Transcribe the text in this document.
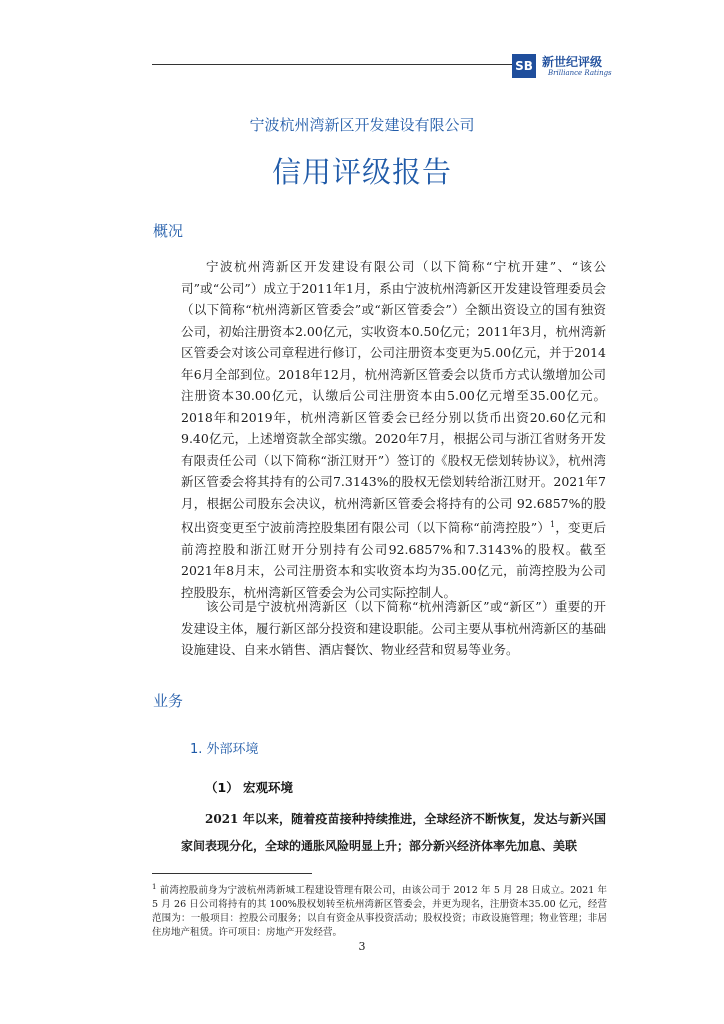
SB 新世纪评级
Brilliance Ratings
宁波杭州湾新区开发建设有限公司
信用评级报告
概况

宁波杭州湾新区开发建设有限公司（以下简称“宁杭开建”、“该公司”或“公司”）成立于2011年1月，系由宁波杭州湾新区开发建设管理委员会（以下简称“杭州湾新区管委会”或“新区管委会”）全额出资设立的国有独资公司，初始注册资本2.00亿元，实收资本0.50亿元；2011年3月，杭州湾新区管委会对该公司章程进行修订，公司注册资本变更为5.00亿元，并于2014年6月全部到位。2018年12月，杭州湾新区管委会以货币方式认缴增加公司注册资本30.00亿元，认缴后公司注册资本由5.00亿元增至35.00亿元。2018年和2019年，杭州湾新区管委会已经分别以货币出资20.60亿元和9.40亿元，上述增资款全部实缴。2020年7月，根据公司与浙江省财务开发有限责任公司（以下简称“浙江财开”）签订的《股权无偿划转协议》，杭州湾新区管委会将其持有的公司7.3143%的股权无偿划转给浙江财开。2021年7月，根据公司股东会决议，杭州湾新区管委会将持有的公司 92.6857%的股权出资变更至宁波前湾控股集团有限公司（以下简称“前湾控股”）$^1$，变更后前湾控股和浙江财开分别持有公司92.6857%和7.3143%的股权。截至2021年8月末，公司注册资本和实收资本均为35.00亿元，前湾控股为公司控股股东，杭州湾新区管委会为公司实际控制人。

该公司是宁波杭州湾新区（以下简称“杭州湾新区”或“新区”）重要的开发建设主体，履行新区部分投资和建设职能。公司主要从事杭州湾新区的基础设施建设、自来水销售、酒店餐饮、物业经营和贸易等业务。

业务
1. 外部环境
（1） 宏观环境

2021 年以来，随着疫苗接种持续推进，全球经济不断恢复，发达与新兴国家间表现分化，全球的通胀风险明显上升；部分新兴经济体率先加息、美联

$^1$ 前湾控股前身为宁波杭州湾新城工程建设管理有限公司，由该公司于 2012 年 5 月 28 日成立。2021 年 5 月 26 日公司将持有的其 100%股权划转至杭州湾新区管委会，并更为现名，注册资本35.00 亿元，经营范围为：一般项目：控股公司服务；以自有资金从事投资活动；股权投资；市政设施管理；物业管理；非居住房地产租赁。许可项目：房地产开发经营。

3
